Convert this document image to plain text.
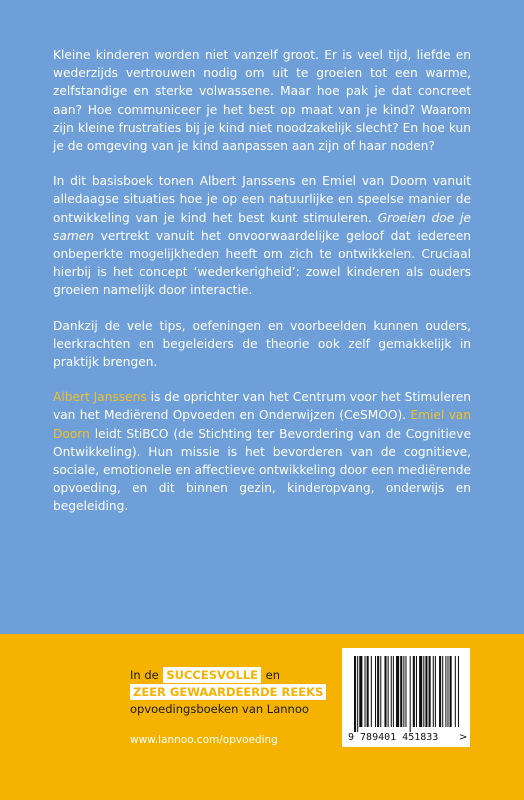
Kleine kinderen worden niet vanzelf groot. Er is veel tijd, liefde en wederzijds vertrouwen nodig om uit te groeien tot een warme, zelfstandige en sterke volwassene. Maar hoe pak je dat concreet aan? Hoe communiceer je het best op maat van je kind? Waarom zijn kleine frustraties bij je kind niet noodzakelijk slecht? En hoe kun je de omgeving van je kind aanpassen aan zijn of haar noden?

In dit basisboek tonen Albert Janssens en Emiel van Doorn vanuit alledaagse situaties hoe je op een natuurlijke en speelse manier de ontwikkeling van je kind het best kunt stimuleren. Groeien doe je samen vertrekt vanuit het onvoorwaardelijke geloof dat iedereen onbeperkte mogelijkheden heeft om zich te ontwikkelen. Cruciaal hierbij is het concept ‘wederkerigheid’: zowel kinderen als ouders groeien namelijk door interactie.

Dankzij de vele tips, oefeningen en voorbeelden kunnen ouders, leerkrachten en begeleiders de theorie ook zelf gemakkelijk in praktijk brengen.

Albert Janssens is de oprichter van het Centrum voor het Stimuleren van het Mediërend Opvoeden en Onderwijzen (CeSMOO). Emiel van Doorn leidt StiBCO (de Stichting ter Bevordering van de Cognitieve Ontwikkeling). Hun missie is het bevorderen van de cognitieve, sociale, emotionele en affectieve ontwikkeling door een mediërende opvoeding, en dit binnen gezin, kinderopvang, onderwijs en begeleiding.

In de SUCCESVOLLE en
ZEER GEWAARDEERDE REEKS
opvoedingsboeken van Lannoo
www.lannoo.com/opvoeding	9 789401 451833 >
